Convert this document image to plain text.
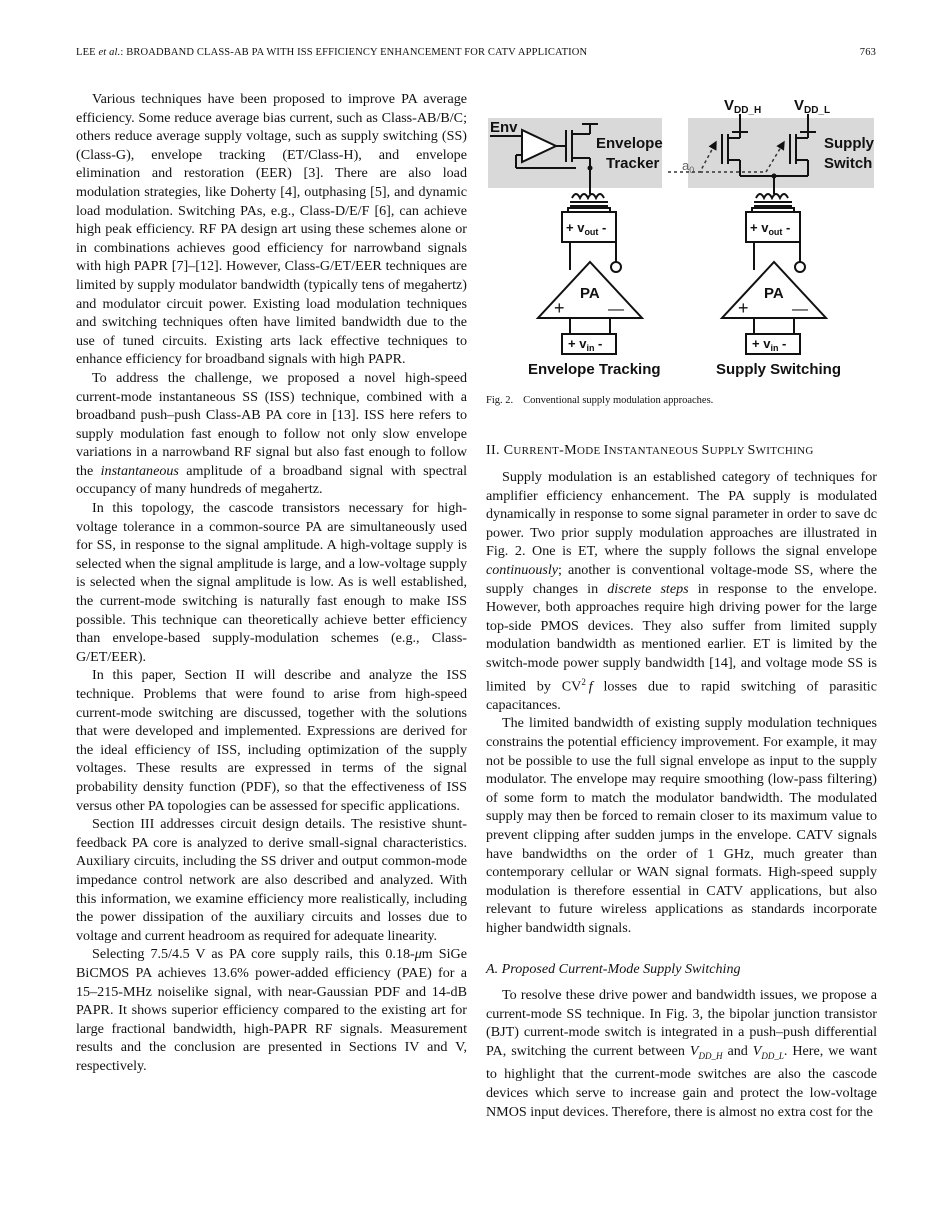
LEE et al.: BROADBAND CLASS-AB PA WITH ISS EFFICIENCY ENHANCEMENT FOR CATV APPLICATION	763

Various techniques have been proposed to improve PA average efficiency. Some reduce average bias current, such as Class-AB/B/C; others reduce average supply voltage, such as supply switching (SS) (Class-G), envelope tracking (ET/Class-H), and envelope elimination and restoration (EER) [3]. There are also load modulation strategies, like Doherty [4], outphasing [5], and dynamic load modulation. Switching PAs, e.g., Class-D/E/F [6], can achieve high peak efficiency. RF PA design art using these schemes alone or in combinations achieves good efficiency for narrowband signals with high PAPR [7]–[12]. However, Class-G/ET/EER techniques are limited by supply modulator bandwidth (typically tens of megahertz) and modulator circuit power. Existing load modulation techniques and switching techniques often have limited bandwidth due to the use of tuned circuits. Existing arts lack effective techniques to enhance efficiency for broadband signals with high PAPR.

To address the challenge, we proposed a novel high-speed current-mode instantaneous SS (ISS) technique, combined with a broadband push–push Class-AB PA core in [13]. ISS here refers to supply modulation fast enough to follow not only slow envelope variations in a narrowband RF signal but also fast enough to follow the instantaneous amplitude of a broadband signal with spectral occupancy of many hundreds of megahertz.

In this topology, the cascode transistors necessary for high-voltage tolerance in a common-source PA are simultaneously used for SS, in response to the signal amplitude. A high-voltage supply is selected when the signal amplitude is large, and a low-voltage supply is selected when the signal amplitude is low. As is well established, the current-mode switching is naturally fast enough to make ISS possible. This technique can theoretically achieve better efficiency than envelope-based supply-modulation schemes (e.g., Class-G/ET/EER).

In this paper, Section II will describe and analyze the ISS technique. Problems that were found to arise from high-speed current-mode switching are discussed, together with the solutions that were developed and implemented. Expressions are derived for the ideal efficiency of ISS, including optimization of the supply voltages. These results are expressed in terms of the signal probability density function (PDF), so that the effectiveness of ISS versus other PA topologies can be assessed for specific applications.

Section III addresses circuit design details. The resistive shunt-feedback PA core is analyzed to derive small-signal characteristics. Auxiliary circuits, including the SS driver and output common-mode impedance control network are also described and analyzed. With this information, we examine efficiency more realistically, including the power dissipation of the auxiliary circuits and losses due to voltage and current headroom as required for adequate linearity.

Selecting 7.5/4.5 V as PA core supply rails, this 0.18-μm SiGe BiCMOS PA achieves 13.6% power-added efficiency (PAE) for a 15–215-MHz noiselike signal, with near-Gaussian PDF and 14-dB PAPR. It shows superior efficiency compared to the existing art for large fractional bandwidth, high-PAPR RF signals. Measurement results and the conclusion are presented in Sections IV and V, respectively.

Env
Envelope
Tracker
$V_{DD\_H}$ $V_{DD\_L}$
$a_0$
Supply
Switch
+ $v_{out}$ -	+ $v_{out}$ -
PA
+	—
+ $v_{in}$ -
PA
+	—
+ $v_{in}$ -
Envelope Tracking	Supply Switching
Fig. 2. Conventional supply modulation approaches.
II. CURRENT-MODE INSTANTANEOUS SUPPLY SWITCHING

Supply modulation is an established category of techniques for amplifier efficiency enhancement. The PA supply is modulated dynamically in response to some signal parameter in order to save dc power. Two prior supply modulation approaches are illustrated in Fig. 2. One is ET, where the supply follows the signal envelope continuously; another is conventional voltage-mode SS, where the supply changes in discrete steps in response to the envelope. However, both approaches require high driving power for the large top-side PMOS devices. They also suffer from limited supply modulation bandwidth as mentioned earlier. ET is limited by the switch-mode power supply bandwidth [14], and voltage mode SS is limited by $CV^2$  f losses due to rapid switching of parasitic capacitances.

The limited bandwidth of existing supply modulation techniques constrains the potential efficiency improvement. For example, it may not be possible to use the full signal envelope as input to the supply modulator. The envelope may require smoothing (low-pass filtering) of some form to match the modulator bandwidth. The modulated supply may then be forced to remain closer to its maximum value to prevent clipping after sudden jumps in the envelope. CATV signals have bandwidths on the order of 1 GHz, much greater than contemporary cellular or WAN signal formats. High-speed supply modulation is therefore essential in CATV applications, but also relevant to future wireless applications as standards incorporate higher bandwidth signals.

A. Proposed Current-Mode Supply Switching

To resolve these drive power and bandwidth issues, we propose a current-mode SS technique. In Fig. 3, the bipolar junction transistor (BJT) current-mode switch is integrated in a push–push differential PA, switching the current between $V_{DD\_H}$ and $V_{DD\_L}$. Here, we want to highlight that the current-mode switches are also the cascode devices which serve to increase gain and protect the low-voltage NMOS input devices. Therefore, there is almost no extra cost for the
